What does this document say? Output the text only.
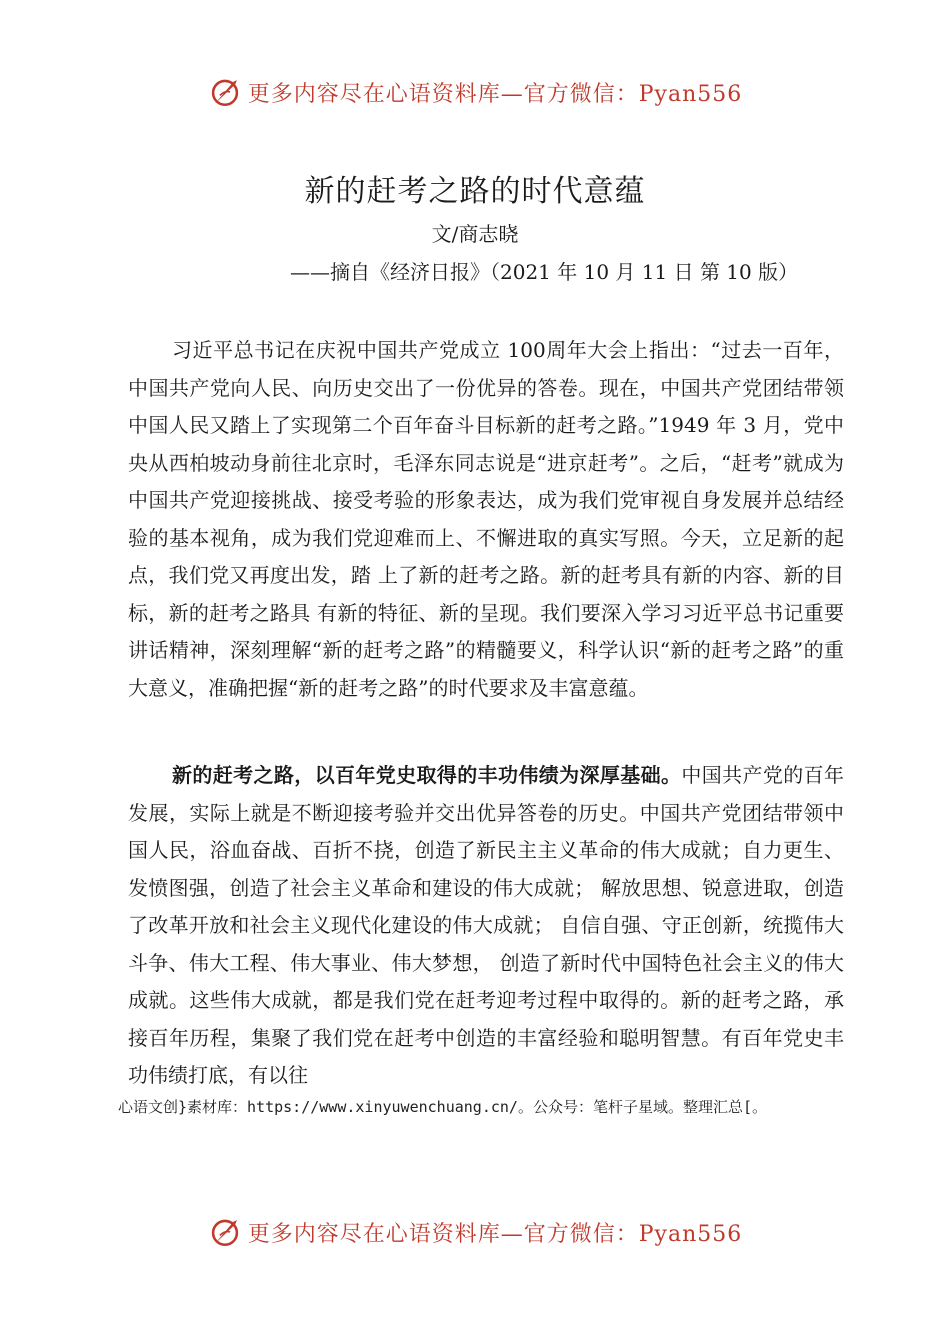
更多内容尽在心语资料库—官方微信：Pyan556
新的赶考之路的时代意蕴
文/商志晓
——摘自《经济日报》（2021 年 10 月 11 日 第 10 版）

习近平总书记在庆祝中国共产党成立 100周年大会上指出：“过去一百年，中国共产党向人民、向历史交出了一份优异的答卷。现在，中国共产党团结带领中国人民又踏上了实现第二个百年奋斗目标新的赶考之路。”1949 年 3 月，党中央从西柏坡动身前往北京时，毛泽东同志说是“进京赶考”。之后，“赶考”就成为中国共产党迎接挑战、接受考验的形象表达，成为我们党审视自身发展并总结经验的基本视角，成为我们党迎难而上、不懈进取的真实写照。今天，立足新的起点，我们党又再度出发，踏 上了新的赶考之路。新的赶考具有新的内容、新的目标，新的赶考之路具 有新的特征、新的呈现。我们要深入学习习近平总书记重要讲话精神，深刻理解“新的赶考之路”的精髓要义，科学认识“新的赶考之路”的重大意义，准确把握“新的赶考之路”的时代要求及丰富意蕴。

新的赶考之路，以百年党史取得的丰功伟绩为深厚基础。中国共产党的百年发展，实际上就是不断迎接考验并交出优异答卷的历史。中国共产党团结带领中国人民，浴血奋战、百折不挠，创造了新民主主义革命的伟大成就；自力更生、发愤图强，创造了社会主义革命和建设的伟大成就； 解放思想、锐意进取，创造了改革开放和社会主义现代化建设的伟大成就； 自信自强、守正创新，统揽伟大斗争、伟大工程、伟大事业、伟大梦想， 创造了新时代中国特色社会主义的伟大成就。这些伟大成就，都是我们党在赶考迎考过程中取得的。新的赶考之路，承接百年历程，集聚了我们党在赶考中创造的丰富经验和聪明智慧。有百年党史丰功伟绩打底，有以往

心语文创}素材库：https://www.xinyuwenchuang.cn/。公众号：笔杆子星域。整理汇总[。
更多内容尽在心语资料库—官方微信：Pyan556
